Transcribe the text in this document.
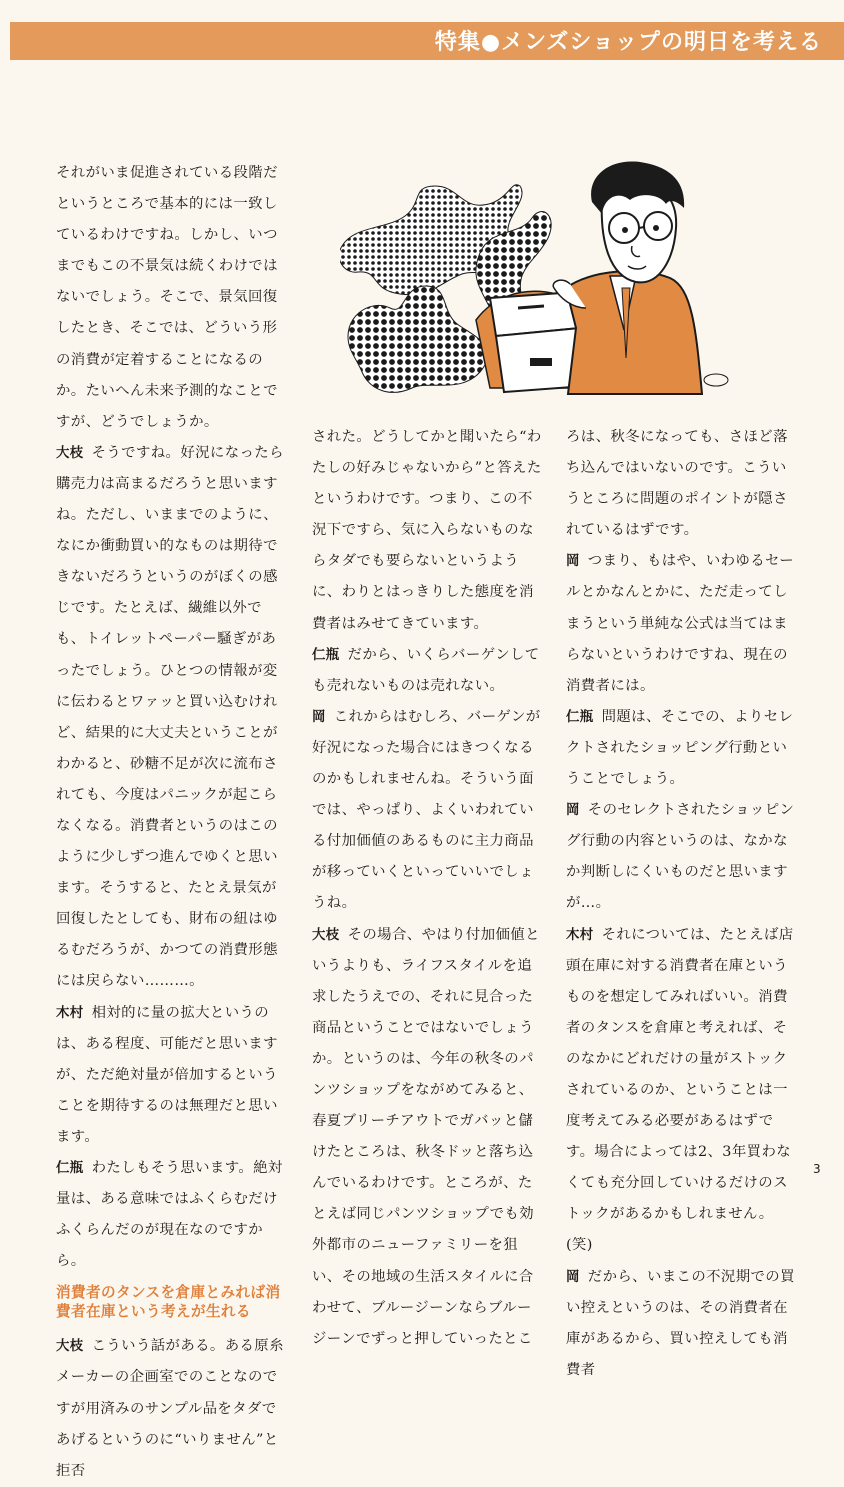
特集●メンズショップの明日を考える

それがいま促進されている段階だというところで基本的には一致しているわけですね。しかし、いつまでもこの不景気は続くわけではないでしょう。そこで、景気回復したとき、そこでは、どういう形の消費が定着することになるのか。たいへん未来予測的なことですが、どうでしょうか。

大枝 そうですね。好況になったら購売力は高まるだろうと思いますね。ただし、いままでのように、なにか衝動買い的なものは期待できないだろうというのがぼくの感じです。たとえば、繊維以外でも、トイレットペーパー騒ぎがあったでしょう。ひとつの情報が変に伝わるとワァッと買い込むけれど、結果的に大丈夫ということがわかると、砂糖不足が次に流布されても、今度はパニックが起こらなくなる。消費者というのはこのように少しずつ進んでゆくと思います。そうすると、たとえ景気が回復したとしても、財布の紐はゆるむだろうが、かつての消費形態には戻らない………。

木村 相対的に量の拡大というのは、ある程度、可能だと思いますが、ただ絶対量が倍加するということを期待するのは無理だと思います。

仁瓶 わたしもそう思います。絶対量は、ある意味ではふくらむだけふくらんだのが現在なのですから。

消費者のタンスを倉庫とみれば消費者在庫という考えが生れる

大枝 こういう話がある。ある原糸メーカーの企画室でのことなのですが用済みのサンプル品をタダであげるというのに“いりません”と拒否

された。どうしてかと聞いたら“わたしの好みじゃないから”と答えたというわけです。つまり、この不況下ですら、気に入らないものならタダでも要らないというように、わりとはっきりした態度を消費者はみせてきています。

仁瓶 だから、いくらバーゲンしても売れないものは売れない。

岡 これからはむしろ、バーゲンが好況になった場合にはきつくなるのかもしれませんね。そういう面では、やっぱり、よくいわれている付加価値のあるものに主力商品が移っていくといっていいでしょうね。

大枝 その場合、やはり付加価値というよりも、ライフスタイルを追求したうえでの、それに見合った商品ということではないでしょうか。というのは、今年の秋冬のパンツショップをながめてみると、春夏ブリーチアウトでガバッと儲けたところは、秋冬ドッと落ち込んでいるわけです。ところが、たとえば同じパンツショップでも効外都市のニューファミリーを狙い、その地域の生活スタイルに合わせて、ブルージーンならブルージーンでずっと押していったとこ

ろは、秋冬になっても、さほど落ち込んではいないのです。こういうところに問題のポイントが隠されているはずです。

岡 つまり、もはや、いわゆるセールとかなんとかに、ただ走ってしまうという単純な公式は当てはまらないというわけですね、現在の消費者には。

仁瓶 問題は、そこでの、よりセレクトされたショッピング行動ということでしょう。

岡 そのセレクトされたショッピング行動の内容というのは、なかなか判断しにくいものだと思いますが…。

木村 それについては、たとえば店頭在庫に対する消費者在庫というものを想定してみればいい。消費者のタンスを倉庫と考えれば、そのなかにどれだけの量がストックされているのか、ということは一度考えてみる必要があるはずです。場合によっては2、3年買わなくても充分回していけるだけのストックがあるかもしれません。(笑)

岡 だから、いまこの不況期での買い控えというのは、その消費者在庫があるから、買い控えしても消費者

3
